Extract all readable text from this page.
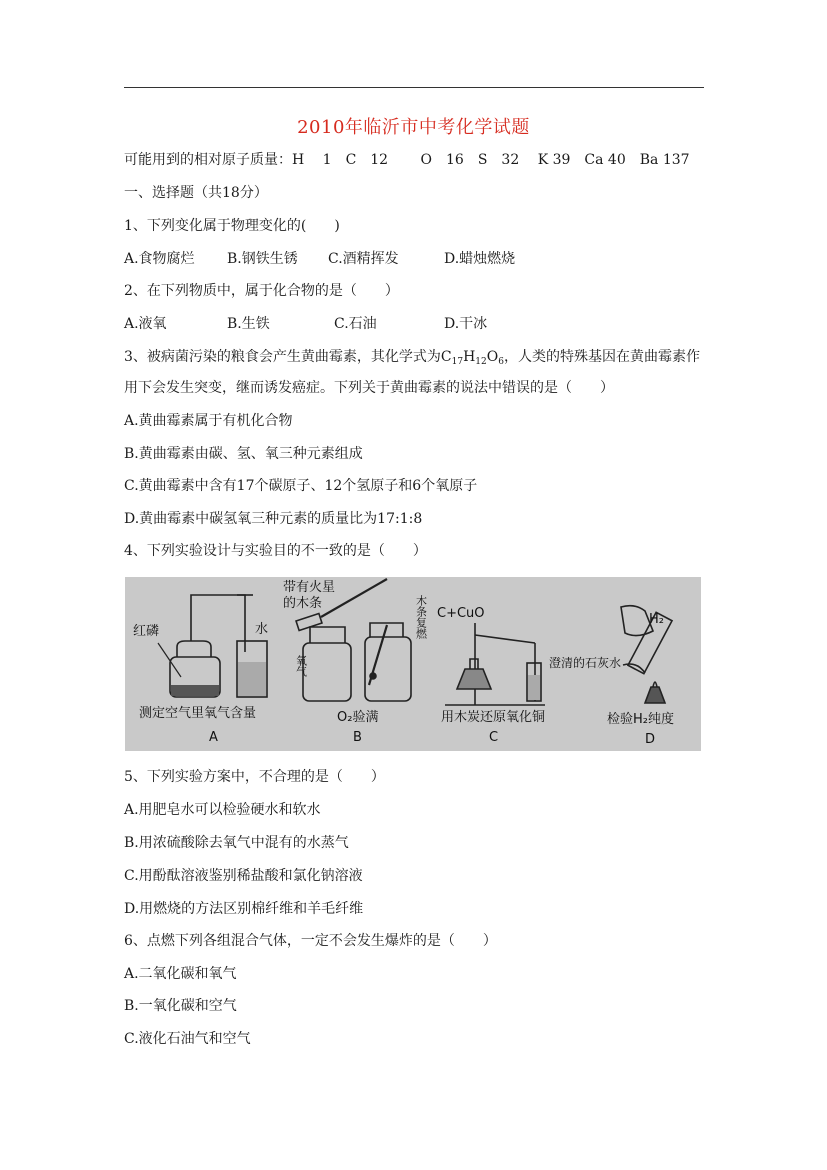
2010年临沂市中考化学试题
可能用到的相对原子质量：H　 1　C　12　　 O　16　S　32　 K 39　Ca 40　Ba 137
一、选择题（共18分）
1、下列变化属于物理变化的(　　)
A.食物腐烂 B.钢铁生锈 C.酒精挥发	D.蜡烛燃烧
2、在下列物质中，属于化合物的是（　　）
A.液氧	B.生铁	C.石油	D.干冰
3、被病菌污染的粮食会产生黄曲霉素，其化学式为$C_{17}H_{12}O_6$，人类的特殊基因在黄曲霉素作
用下会发生突变，继而诱发癌症。下列关于黄曲霉素的说法中错误的是（　　）
A.黄曲霉素属于有机化合物
B.黄曲霉素由碳、氢、氧三种元素组成
C.黄曲霉素中含有17个碳原子、12个氢原子和6个氧原子
D.黄曲霉素中碳氢氧三种元素的质量比为17:1:8
4、下列实验设计与实验目的不一致的是（　　）
红磷	水
测定空气里氧气含量
A
带有火星
的木条
氧气
木条复燃
O₂验满
B
C+CuO
澄清的石灰水
用木炭还原氧化铜
C
H₂
检验H₂纯度
D
5、下列实验方案中，不合理的是（　　）
A.用肥皂水可以检验硬水和软水
B.用浓硫酸除去氧气中混有的水蒸气
C.用酚酞溶液鉴别稀盐酸和氯化钠溶液
D.用燃烧的方法区别棉纤维和羊毛纤维
6、点燃下列各组混合气体，一定不会发生爆炸的是（　　）
A.二氧化碳和氧气
B.一氧化碳和空气
C.液化石油气和空气
